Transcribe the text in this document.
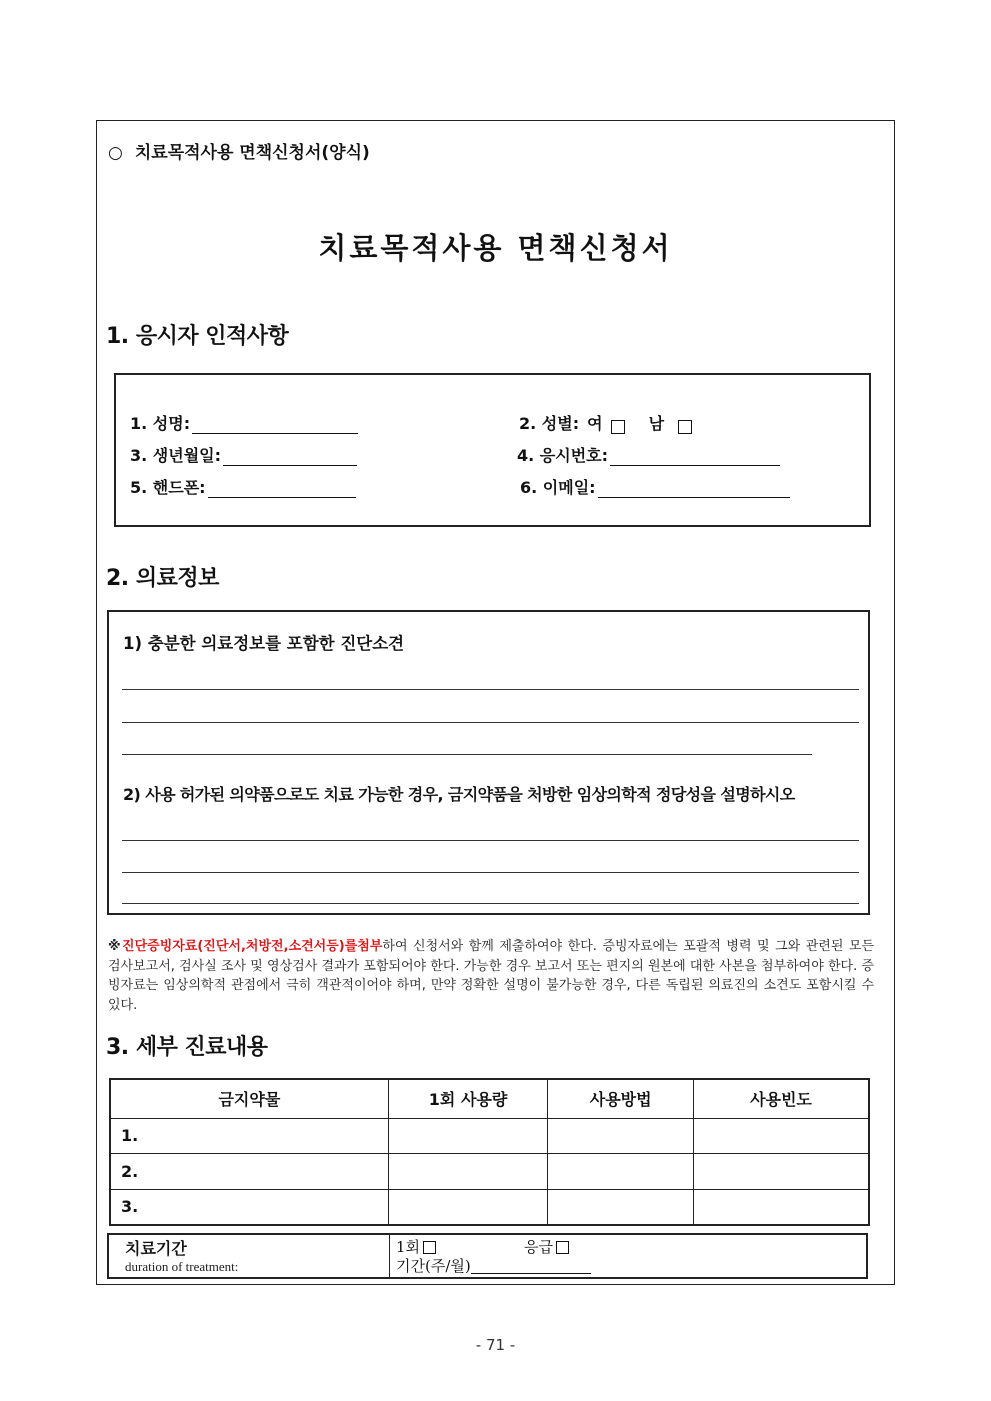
○ 치료목적사용 면책신청서(양식)
치료목적사용 면책신청서
1. 응시자 인적사항
1. 성명:	2. 성별: 여	남
3. 생년월일:	4. 응시번호:
5. 핸드폰:	6. 이메일:
2. 의료정보
1) 충분한 의료정보를 포함한 진단소견
2) 사용 허가된 의약품으로도 치료 가능한 경우, 금지약품을 처방한 임상의학적 정당성을 설명하시오
※진단증빙자료(진단서,처방전,소견서등)를첨부하여 신청서와 함께 제출하여야 한다. 증빙자료에는 포괄적 병력 및 그와 관련된 모든 검사보고서, 검사실 조사 및 영상검사 결과가 포함되어야 한다. 가능한 경우 보고서 또는 편지의 원본에 대한 사본을 첨부하여야 한다. 증빙자료는 임상의학적 관점에서 극히 객관적이어야 하며, 만약 정확한 설명이 불가능한 경우, 다른 독립된 의료진의 소견도 포함시킬 수 있다.
3. 세부 진료내용
금지약물	1회 사용량	사용방법	사용빈도
1.			
2.			
3.			
치료기간
duration of treatment:
1회	응급
기간(주/월)
- 71 -
